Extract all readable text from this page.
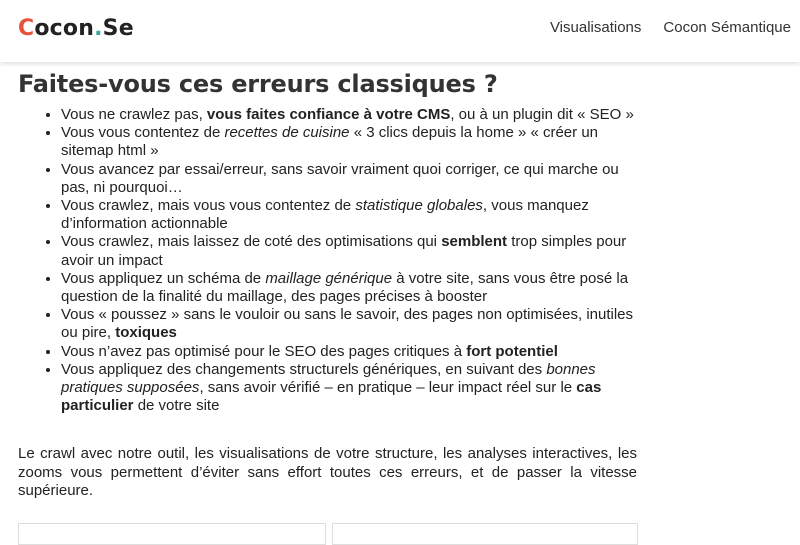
Cocon.Se	Visualisations Cocon Sémantique
Faites-vous ces erreurs classiques ?
• Vous ne crawlez pas, vous faites confiance à votre CMS, ou à un plugin dit « SEO »
• Vous vous contentez de recettes de cuisine « 3 clics depuis la home » « créer un sitemap html »
• Vous avancez par essai/erreur, sans savoir vraiment quoi corriger, ce qui marche ou pas, ni pourquoi…
• Vous crawlez, mais vous vous contentez de statistique globales, vous manquez d’information actionnable
• Vous crawlez, mais laissez de coté des optimisations qui semblent trop simples pour avoir un impact
• Vous appliquez un schéma de maillage générique à votre site, sans vous être posé la question de la finalité du maillage, des pages précises à booster
• Vous « poussez » sans le vouloir ou sans le savoir, des pages non optimisées, inutiles ou pire, toxiques
• Vous n’avez pas optimisé pour le SEO des pages critiques à fort potentiel
• Vous appliquez des changements structurels génériques, en suivant des bonnes pratiques supposées, sans avoir vérifié – en pratique – leur impact réel sur le cas particulier de votre site

Le crawl avec notre outil, les visualisations de votre structure, les analyses interactives, les zooms vous permettent d’éviter sans effort toutes ces erreurs, et de passer la vitesse supérieure.
